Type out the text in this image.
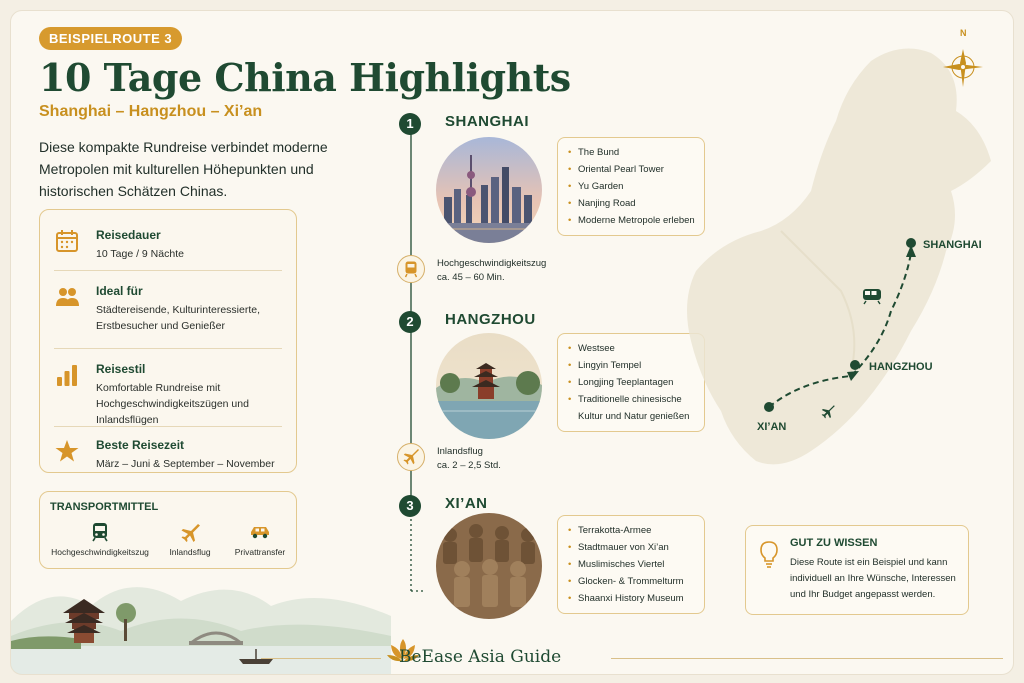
BEISPIELROUTE 3
10 Tage China Highlights
Shanghai – Hangzhou – Xi’an
Diese kompakte Rundreise verbindet moderne Metropolen mit kulturellen Höhepunkten und historischen Schätzen Chinas.
Reisedauer
10 Tage / 9 Nächte
Ideal für
Städtereisende, Kulturinteressierte, Erstbesucher und Genießer
Reisestil
Komfortable Rundreise mit Hochgeschwindigkeitszügen und Inlandsflügen
Beste Reisezeit
März – Juni & September – November
TRANSPORTMITTEL
Hochgeschwindigkeitszug	Inlandsflug	Privattransfer
1	SHANGHAI
• The Bund
• Oriental Pearl Tower
• Yu Garden
• Nanjing Road
• Moderne Metropole erleben
Hochgeschwindigkeitszug
ca. 45 – 60 Min.
2	HANGZHOU
• Westsee
• Lingyin Tempel
• Longjing Teeplantagen
• Traditionelle chinesische Kultur und Natur genießen
Inlandsflug
ca. 2 – 2,5 Std.
3	XI’AN
• Terrakotta-Armee
• Stadtmauer von Xi’an
• Muslimisches Viertel
• Glocken- & Trommelturm
• Shaanxi History Museum
N
SHANGHAI
HANGZHOU
XI’AN
GUT ZU WISSEN
Diese Route ist ein Beispiel und kann individuell an Ihre Wünsche, Interessen und Ihr Budget angepasst werden.
BeEase Asia Guide
